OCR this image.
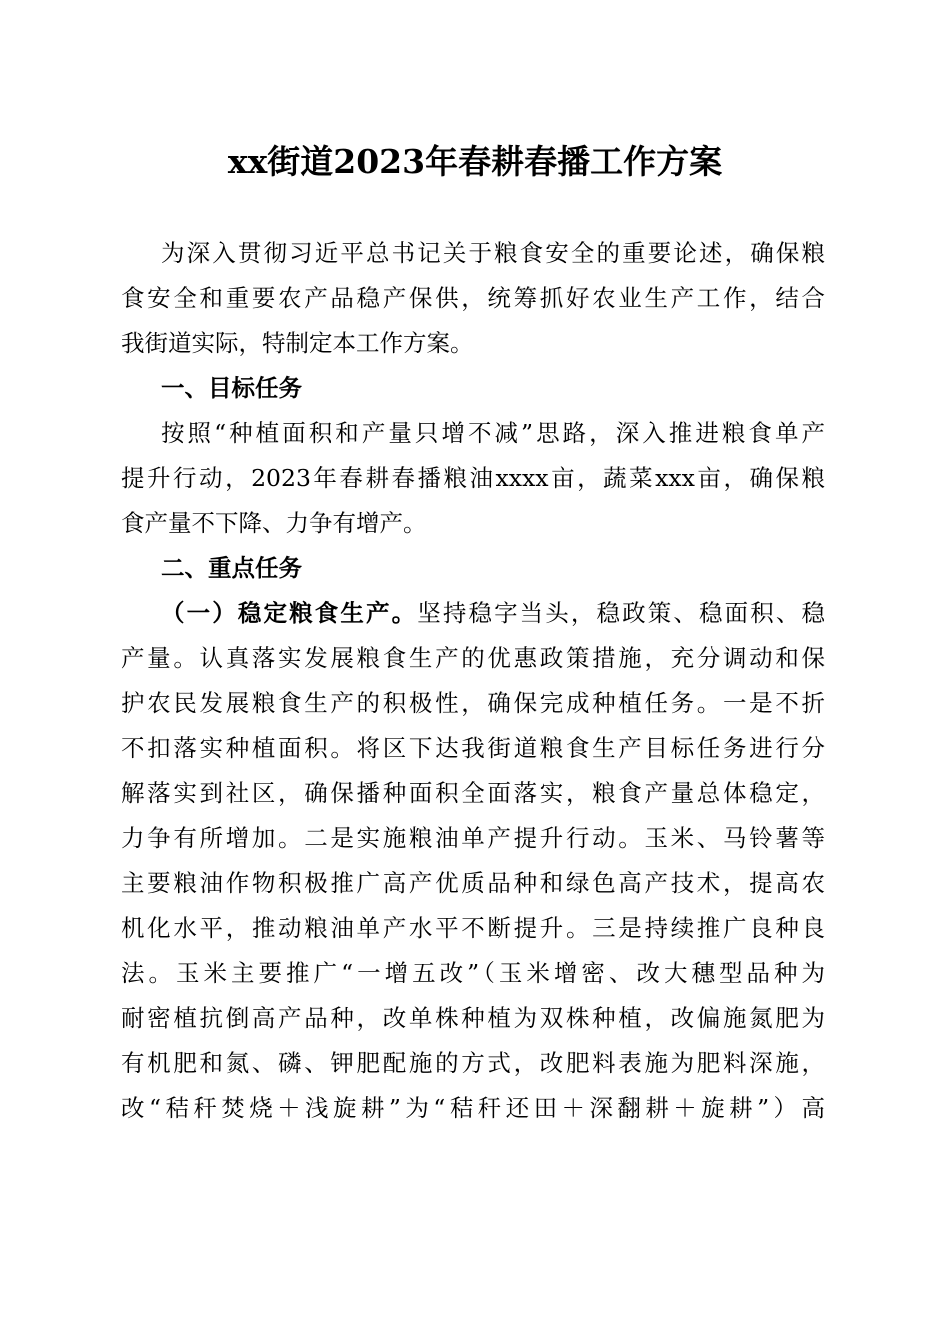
xx街道2023年春耕春播工作方案
为深入贯彻习近平总书记关于粮食安全的重要论述，确保粮
食安全和重要农产品稳产保供，统筹抓好农业生产工作，结合
我街道实际，特制定本工作方案。
一、目标任务
按照“种植面积和产量只增不减”思路，深入推进粮食单产
提升行动，2023年春耕春播粮油xxxx亩，蔬菜xxx亩，确保粮
食产量不下降、力争有增产。
二、重点任务
（一）稳定粮食生产。坚持稳字当头，稳政策、稳面积、稳
产量。认真落实发展粮食生产的优惠政策措施，充分调动和保
护农民发展粮食生产的积极性，确保完成种植任务。一是不折
不扣落实种植面积。将区下达我街道粮食生产目标任务进行分
解落实到社区，确保播种面积全面落实，粮食产量总体稳定，
力争有所增加。二是实施粮油单产提升行动。玉米、马铃薯等
主要粮油作物积极推广高产优质品种和绿色高产技术，提高农
机化水平，推动粮油单产水平不断提升。三是持续推广良种良
法。玉米主要推广“一增五改”（玉米增密、改大穗型品种为
耐密植抗倒高产品种，改单株种植为双株种植，改偏施氮肥为
有机肥和氮、磷、钾肥配施的方式，改肥料表施为肥料深施，
改“秸秆焚烧＋浅旋耕”为“秸秆还田＋深翻耕＋旋耕”）高
